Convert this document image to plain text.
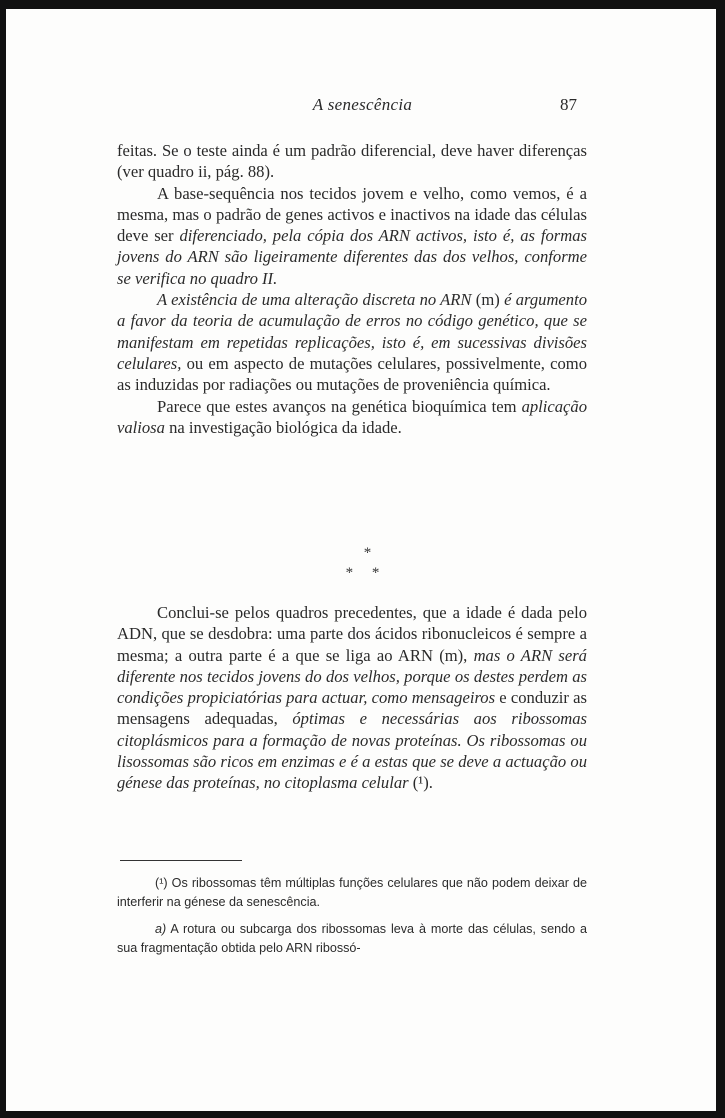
A senescência	87

feitas. Se o teste ainda é um padrão diferencial, deve haver diferenças (ver quadro ii, pág. 88).

A base-sequência nos tecidos jovem e velho, como vemos, é a mesma, mas o padrão de genes activos e inactivos na idade das células deve ser diferenciado, pela cópia dos ARN activos, isto é, as formas jovens do ARN são ligeiramente diferentes das dos velhos, conforme se verifica no quadro II.

A existência de uma alteração discreta no ARN (m) é argumento a favor da teoria de acumulação de erros no código genético, que se manifestam em repetidas replicações, isto é, em sucessivas divisões celulares, ou em aspecto de mutações celulares, possivelmente, como as induzidas por radiações ou mutações de proveniência química.

Parece que estes avanços na genética bioquímica tem aplicação valiosa na investigação biológica da idade.

*
*     *

Conclui-se pelos quadros precedentes, que a idade é dada pelo ADN, que se desdobra: uma parte dos ácidos ribonucleicos é sempre a mesma; a outra parte é a que se liga ao ARN (m), mas o ARN será diferente nos tecidos jovens do dos velhos, porque os destes perdem as condições propiciatórias para actuar, como mensageiros e conduzir as mensagens adequadas, óptimas e necessárias aos ribossomas citoplásmicos para a formação de novas proteínas. Os ribossomas ou lisossomas são ricos em enzimas e é a estas que se deve a actuação ou génese das proteínas, no citoplasma celular (¹).

(¹) Os ribossomas têm múltiplas funções celulares que não podem deixar de interferir na génese da senescência.

a) A rotura ou subcarga dos ribossomas leva à morte das células, sendo a sua fragmentação obtida pelo ARN ribossó-
